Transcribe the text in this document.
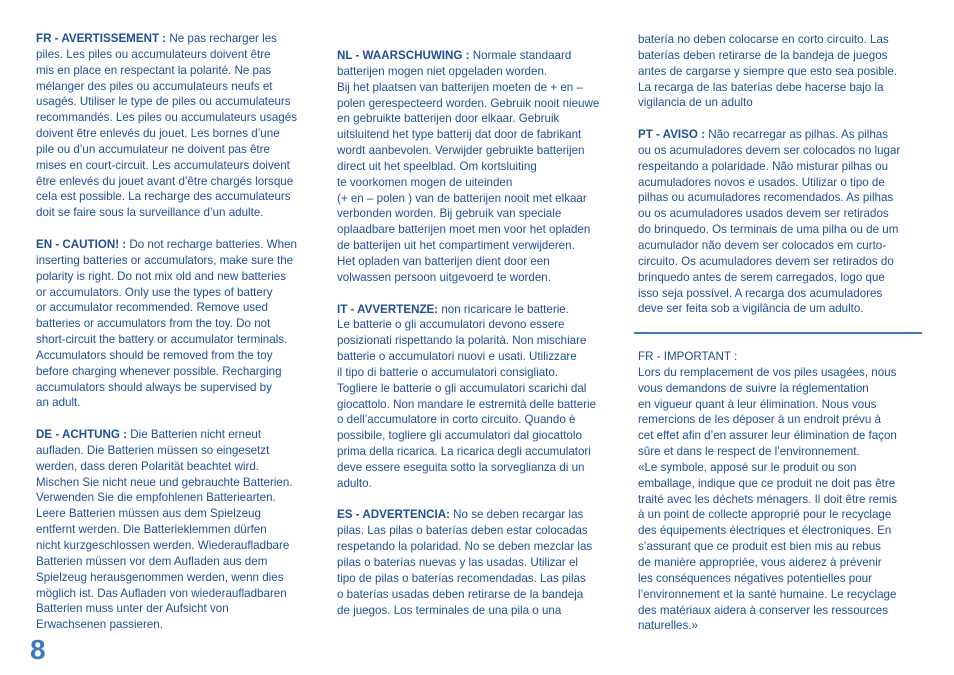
FR - AVERTISSEMENT : Ne pas recharger les
piles. Les piles ou accumulateurs doivent être
mis en place en respectant la polarité. Ne pas
mélanger des piles ou accumulateurs neufs et
usagés. Utiliser le type de piles ou accumulateurs
recommandés. Les piles ou accumulateurs usagés
doivent être enlevés du jouet. Les bornes d’une
pile ou d’un accumulateur ne doivent pas être
mises en court-circuit. Les accumulateurs doivent
être enlevés du jouet avant d’être chargés lorsque
cela est possible. La recharge des accumulateurs
doit se faire sous la surveillance d’un adulte.

EN - CAUTION! : Do not recharge batteries. When
inserting batteries or accumulators, make sure the
polarity is right. Do not mix old and new batteries
or accumulators. Only use the types of battery
or accumulator recommended. Remove used
batteries or accumulators from the toy. Do not
short-circuit the battery or accumulator terminals.
Accumulators should be removed from the toy
before charging whenever possible. Recharging
accumulators should always be supervised by
an adult.

DE - ACHTUNG : Die Batterien nicht erneut
aufladen. Die Batterien müssen so eingesetzt
werden, dass deren Polarität beachtet wird.
Mischen Sie nicht neue und gebrauchte Batterien.
Verwenden Sie die empfohlenen Batteriearten.
Leere Batterien müssen aus dem Spielzeug
entfernt werden. Die Batterieklemmen dürfen
nicht kurzgeschlossen werden. Wiederaufladbare
Batterien müssen vor dem Aufladen aus dem
Spielzeug herausgenommen werden, wenn dies
möglich ist. Das Aufladen von wiederaufladbaren
Batterien muss unter der Aufsicht von
Erwachsenen passieren.

NL - WAARSCHUWING : Normale standaard
batterijen mogen niet opgeladen worden.
Bij het plaatsen van batterijen moeten de + en –
polen gerespecteerd worden. Gebruik nooit nieuwe
en gebruikte batterijen door elkaar. Gebruik
uitsluitend het type batterij dat door de fabrikant
wordt aanbevolen. Verwijder gebruikte batterijen
direct uit het speelblad. Om kortsluiting
te voorkomen mogen de uiteinden
(+ en – polen ) van de batterijen nooit met elkaar
verbonden worden. Bij gebruik van speciale
oplaadbare batterijen moet men voor het opladen
de batterijen uit het compartiment verwijderen.
Het opladen van batterijen dient door een
volwassen persoon uitgevoerd te worden.

IT - AVVERTENZE: non ricaricare le batterie.
Le batterie o gli accumulatori devono essere
posizionati rispettando la polarità. Non mischiare
batterie o accumulatori nuovi e usati. Utilizzare
il tipo di batterie o accumulatori consigliato.
Togliere le batterie o gli accumulatori scarichi dal
giocattolo. Non mandare le estremità delle batterie
o dell’accumulatore in corto circuito. Quando è
possibile, togliere gli accumulatori dal giocattolo
prima della ricarica. La ricarica degli accumulatori
deve essere eseguita sotto la sorveglianza di un
adulto.

ES - ADVERTENCIA: No se deben recargar las
pilas. Las pilas o baterías deben estar colocadas
respetando la polaridad. No se deben mezclar las
pilas o baterías nuevas y las usadas. Utilizar el
tipo de pilas o baterías recomendadas. Las pilas
o baterías usadas deben retirarse de la bandeja
de juegos. Los terminales de una pila o una

batería no deben colocarse en corto circuito. Las
baterías deben retirarse de la bandeja de juegos
antes de cargarse y siempre que esto sea posible.
La recarga de las baterías debe hacerse bajo la
vigilancia de un adulto

PT - AVISO : Não recarregar as pilhas. As pilhas
ou os acumuladores devem ser colocados no lugar
respeitando a polaridade. Não misturar pilhas ou
acumuladores novos e usados. Utilizar o tipo de
pilhas ou acumuladores recomendados. As pilhas
ou os acumuladores usados devem ser retirados
do brinquedo. Os terminais de uma pilha ou de um
acumulador não devem ser colocados em curto-
circuito. Os acumuladores devem ser retirados do
brinquedo antes de serem carregados, logo que
isso seja possível. A recarga dos acumuladores
deve ser feita sob a vigilância de um adulto.

FR - IMPORTANT :
Lors du remplacement de vos piles usagées, nous
vous demandons de suivre la réglementation
en vigueur quant à leur élimination. Nous vous
remercions de les déposer à un endroit prévu à
cet effet afin d’en assurer leur élimination de façon
sûre et dans le respect de l’environnement.
«Le symbole, apposé sur le produit ou son
emballage, indique que ce produit ne doit pas être
traité avec les déchets ménagers. Il doit être remis
à un point de collecte approprié pour le recyclage
des équipements électriques et électroniques. En
s’assurant que ce produit est bien mis au rebus
de manière appropriée, vous aiderez à prévenir
les conséquences négatives potentielles pour
l’environnement et la santé humaine. Le recyclage
des matériaux aidera à conserver les ressources
naturelles.»

8
